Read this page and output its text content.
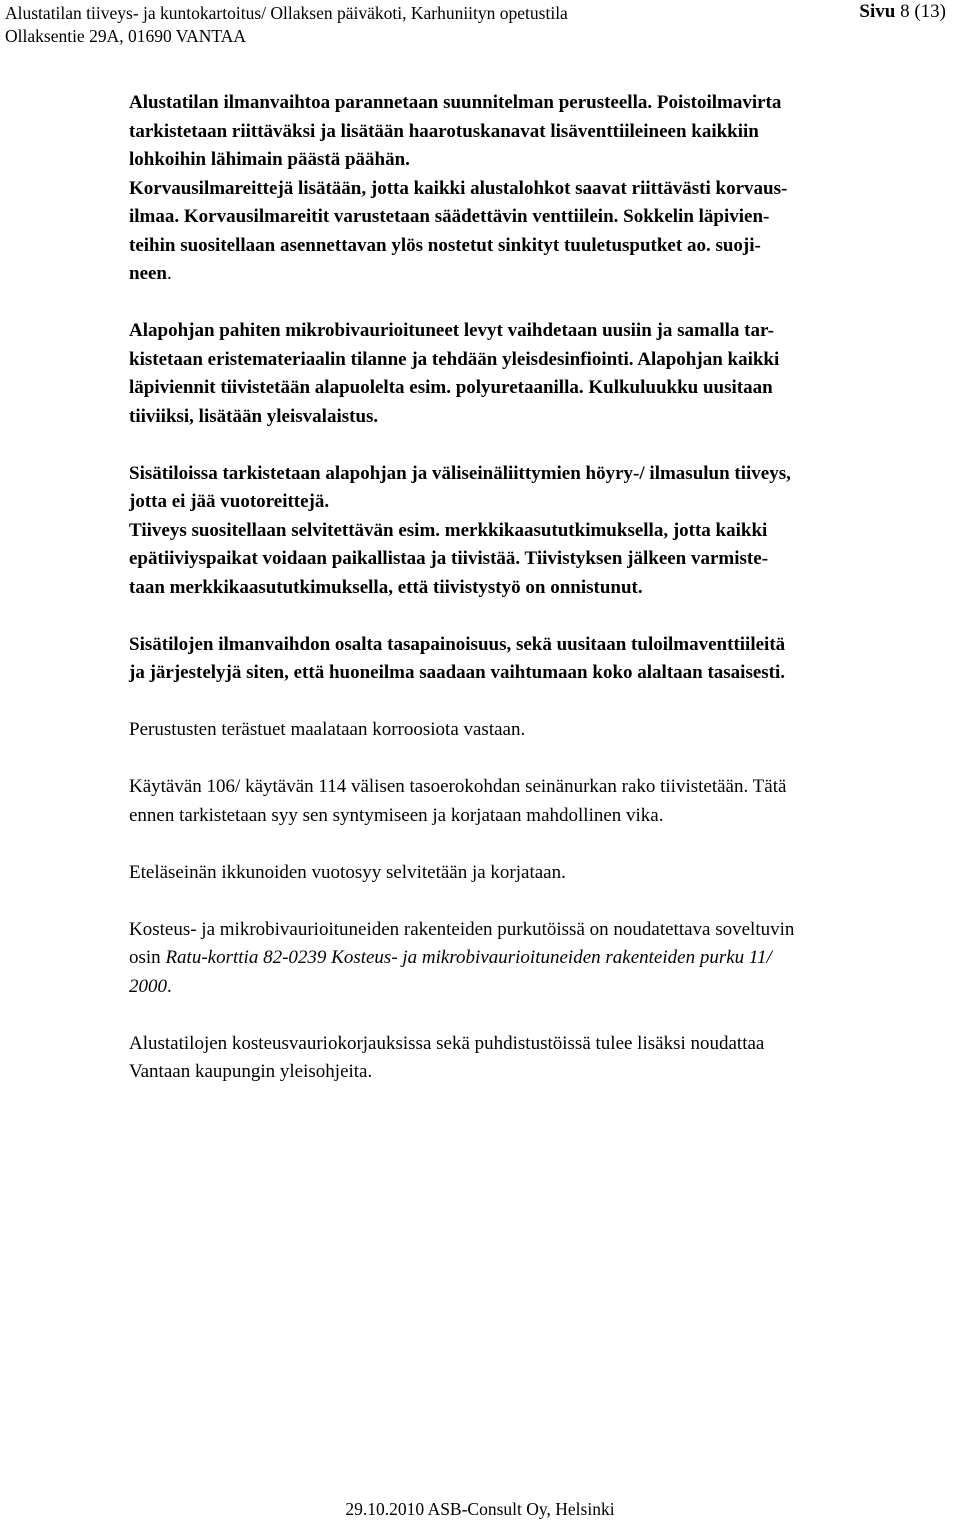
Alustatilan tiiveys- ja kuntokartoitus/ Ollaksen päiväkoti, Karhuniityn opetustila
Ollaksentie 29A, 01690 VANTAA
Sivu 8 (13)

Alustatilan ilmanvaihtoa parannetaan suunnitelman perusteella. Poistoilmavirta
tarkistetaan riittäväksi ja lisätään haarotuskanavat lisäventtiileineen kaikkiin
lohkoihin lähimain päästä päähän.
Korvausilmareittejä lisätään, jotta kaikki alustalohkot saavat riittävästi korvaus-
ilmaa. Korvausilmareitit varustetaan säädettävin venttiilein. Sokkelin läpivien-
teihin suositellaan asennettavan ylös nostetut sinkityt tuuletusputket ao. suoji-
neen.

Alapohjan pahiten mikrobivaurioituneet levyt vaihdetaan uusiin ja samalla tar-
kistetaan eristemateriaalin tilanne ja tehdään yleisdesinfiointi. Alapohjan kaikki
läpiviennit tiivistetään alapuolelta esim. polyuretaanilla. Kulkuluukku uusitaan
tiiviiksi, lisätään yleisvalaistus.

Sisätiloissa tarkistetaan alapohjan ja väliseinäliittymien höyry-/ ilmasulun tiiveys,
jotta ei jää vuotoreittejä.
Tiiveys suositellaan selvitettävän esim. merkkikaasututkimuksella, jotta kaikki
epätiiviyspaikat voidaan paikallistaa ja tiivistää. Tiivistyksen jälkeen varmiste-
taan merkkikaasututkimuksella, että tiivistystyö on onnistunut.

Sisätilojen ilmanvaihdon osalta tasapainoisuus, sekä uusitaan tuloilmaventtiileitä
ja järjestelyjä siten, että huoneilma saadaan vaihtumaan koko alaltaan tasaisesti.

Perustusten terästuet maalataan korroosiota vastaan.

Käytävän 106/ käytävän 114 välisen tasoerokohdan seinänurkan rako tiivistetään. Tätä
ennen tarkistetaan syy sen syntymiseen ja korjataan mahdollinen vika.

Eteläseinän ikkunoiden vuotosyy selvitetään ja korjataan.

Kosteus- ja mikrobivaurioituneiden rakenteiden purkutöissä on noudatettava soveltuvin
osin Ratu-korttia 82-0239 Kosteus- ja mikrobivaurioituneiden rakenteiden purku 11/
2000.

Alustatilojen kosteusvauriokorjauksissa sekä puhdistustöissä tulee lisäksi noudattaa
Vantaan kaupungin yleisohjeita.

29.10.2010 ASB-Consult Oy, Helsinki
